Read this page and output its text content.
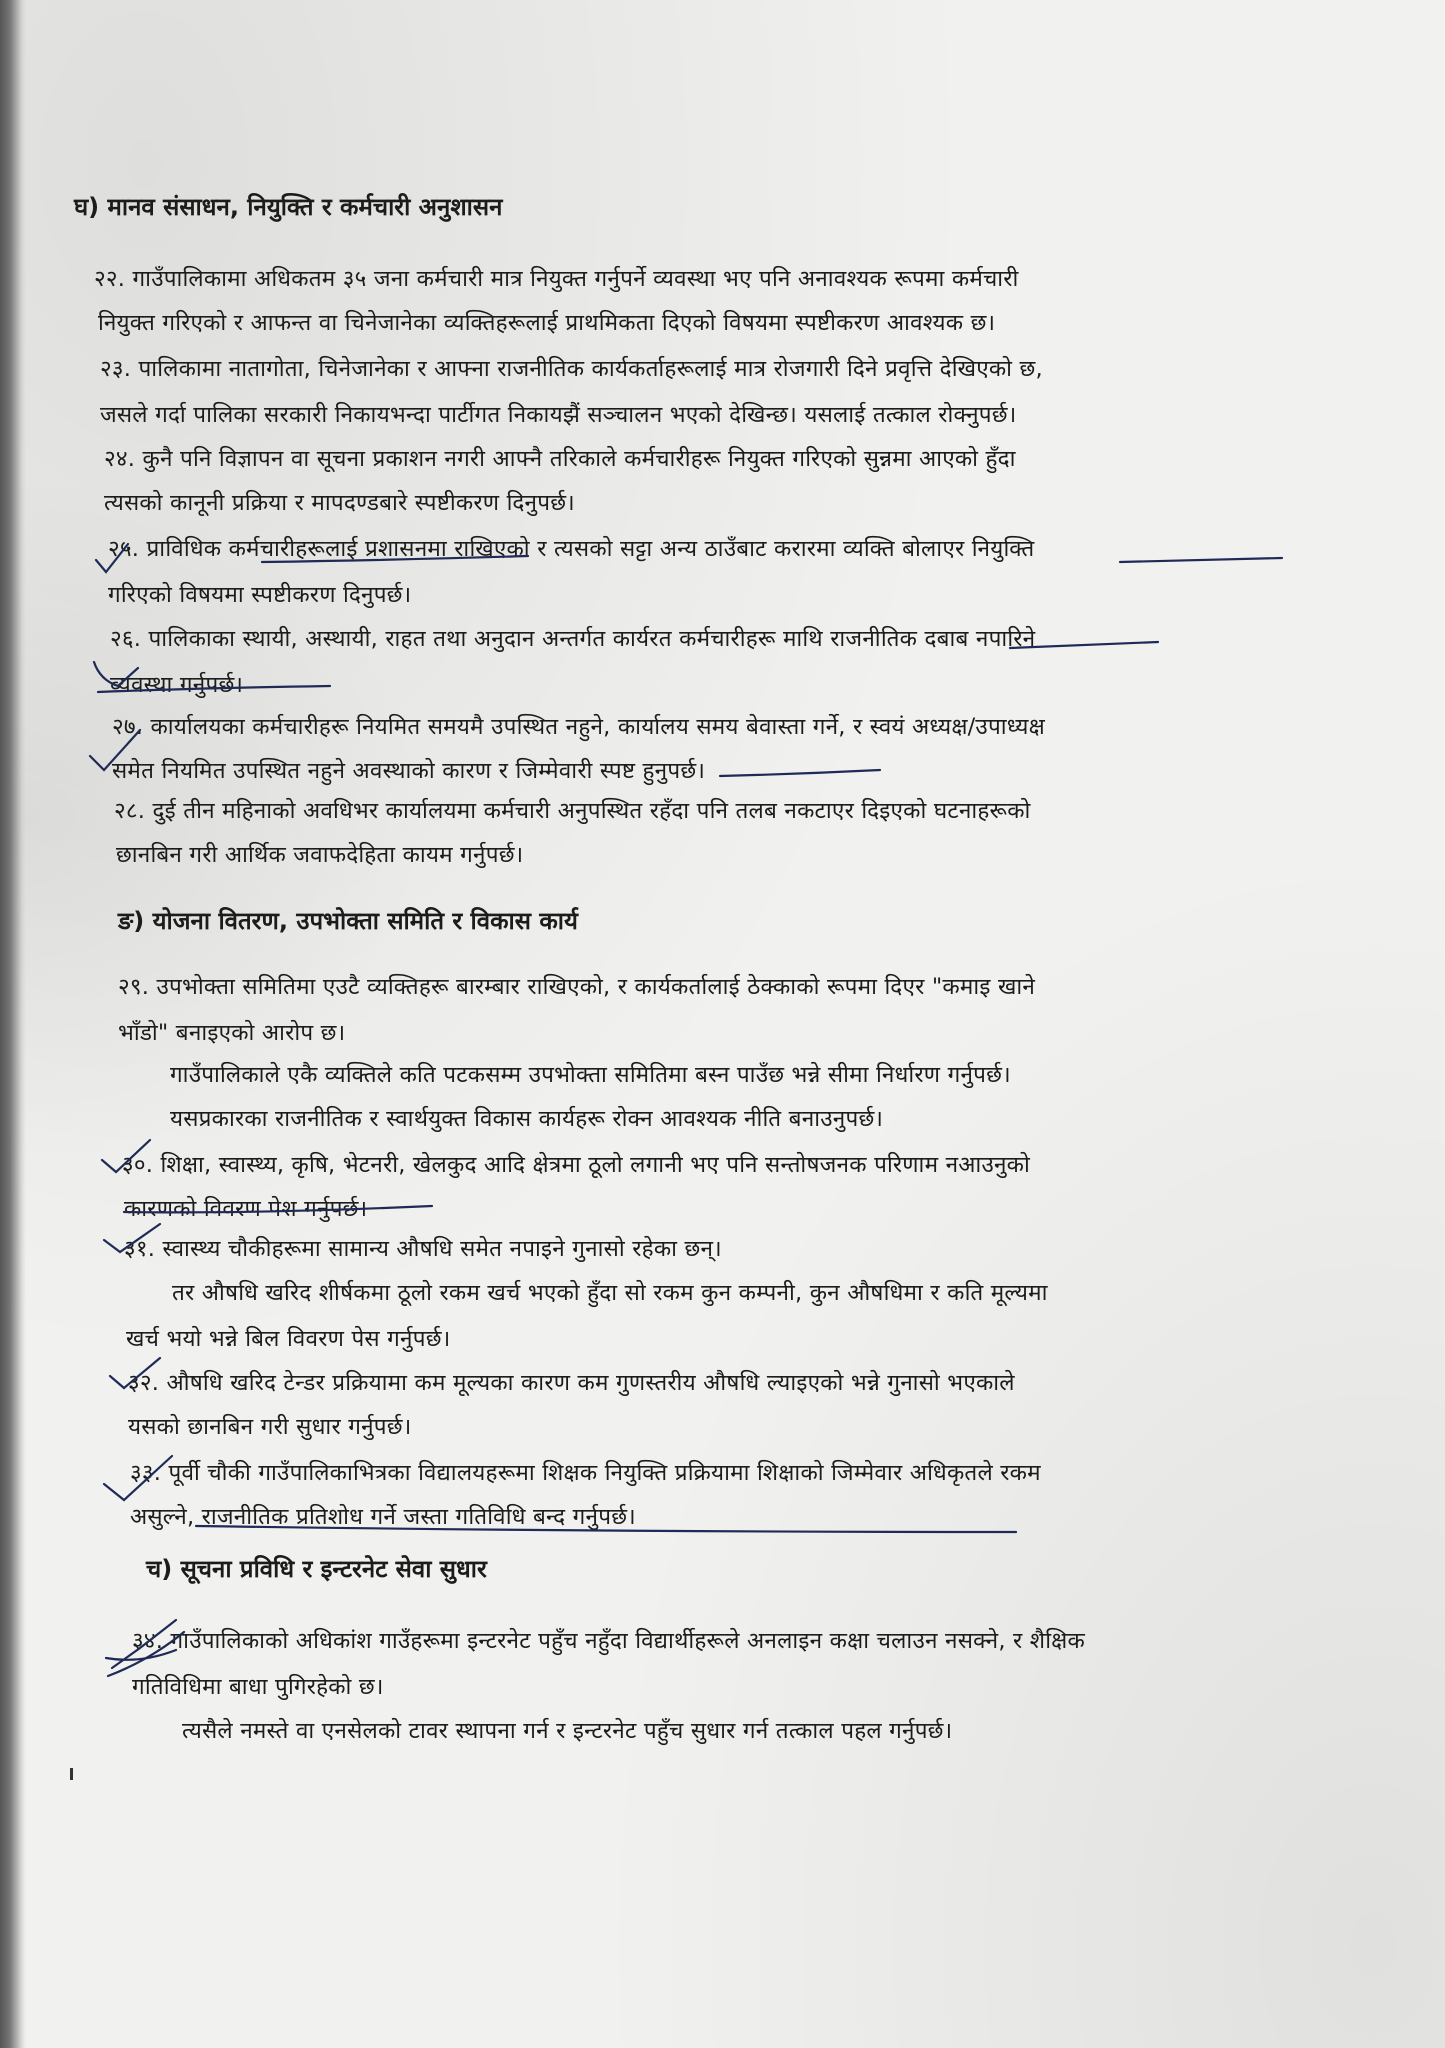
घ) मानव संसाधन, नियुक्ति र कर्मचारी अनुशासन
२२. गाउँपालिकामा अधिकतम ३५ जना कर्मचारी मात्र नियुक्त गर्नुपर्ने व्यवस्था भए पनि अनावश्यक रूपमा कर्मचारी
नियुक्त गरिएको र आफन्त वा चिनेजानेका व्यक्तिहरूलाई प्राथमिकता दिएको विषयमा स्पष्टीकरण आवश्यक छ।
२३. पालिकामा नातागोता, चिनेजानेका र आफ्ना राजनीतिक कार्यकर्ताहरूलाई मात्र रोजगारी दिने प्रवृत्ति देखिएको छ,
जसले गर्दा पालिका सरकारी निकायभन्दा पार्टीगत निकायझैं सञ्चालन भएको देखिन्छ। यसलाई तत्काल रोक्नुपर्छ।
२४. कुनै पनि विज्ञापन वा सूचना प्रकाशन नगरी आफ्नै तरिकाले कर्मचारीहरू नियुक्त गरिएको सुन्नमा आएको हुँदा
त्यसको कानूनी प्रक्रिया र मापदण्डबारे स्पष्टीकरण दिनुपर्छ।
२५. प्राविधिक कर्मचारीहरूलाई प्रशासनमा राखिएको र त्यसको सट्टा अन्य ठाउँबाट करारमा व्यक्ति बोलाएर नियुक्ति
गरिएको विषयमा स्पष्टीकरण दिनुपर्छ।
२६. पालिकाका स्थायी, अस्थायी, राहत तथा अनुदान अन्तर्गत कार्यरत कर्मचारीहरू माथि राजनीतिक दबाब नपारिने
व्यवस्था गर्नुपर्छ।
२७. कार्यालयका कर्मचारीहरू नियमित समयमै उपस्थित नहुने, कार्यालय समय बेवास्ता गर्ने, र स्वयं अध्यक्ष/उपाध्यक्ष
समेत नियमित उपस्थित नहुने अवस्थाको कारण र जिम्मेवारी स्पष्ट हुनुपर्छ।
२८. दुई तीन महिनाको अवधिभर कार्यालयमा कर्मचारी अनुपस्थित रहँदा पनि तलब नकटाएर दिइएको घटनाहरूको
छानबिन गरी आर्थिक जवाफदेहिता कायम गर्नुपर्छ।
ङ) योजना वितरण, उपभोक्ता समिति र विकास कार्य
२९. उपभोक्ता समितिमा एउटै व्यक्तिहरू बारम्बार राखिएको, र कार्यकर्तालाई ठेक्काको रूपमा दिएर "कमाइ खाने
भाँडो" बनाइएको आरोप छ।
गाउँपालिकाले एकै व्यक्तिले कति पटकसम्म उपभोक्ता समितिमा बस्न पाउँछ भन्ने सीमा निर्धारण गर्नुपर्छ।
यसप्रकारका राजनीतिक र स्वार्थयुक्त विकास कार्यहरू रोक्न आवश्यक नीति बनाउनुपर्छ।
३०. शिक्षा, स्वास्थ्य, कृषि, भेटनरी, खेलकुद आदि क्षेत्रमा ठूलो लगानी भए पनि सन्तोषजनक परिणाम नआउनुको
कारणको विवरण पेश गर्नुपर्छ।
३१. स्वास्थ्य चौकीहरूमा सामान्य औषधि समेत नपाइने गुनासो रहेका छन्।
तर औषधि खरिद शीर्षकमा ठूलो रकम खर्च भएको हुँदा सो रकम कुन कम्पनी, कुन औषधिमा र कति मूल्यमा
खर्च भयो भन्ने बिल विवरण पेस गर्नुपर्छ।
३२. औषधि खरिद टेन्डर प्रक्रियामा कम मूल्यका कारण कम गुणस्तरीय औषधि ल्याइएको भन्ने गुनासो भएकाले
यसको छानबिन गरी सुधार गर्नुपर्छ।
३३. पूर्वी चौकी गाउँपालिकाभित्रका विद्यालयहरूमा शिक्षक नियुक्ति प्रक्रियामा शिक्षाको जिम्मेवार अधिकृतले रकम
असुल्ने, राजनीतिक प्रतिशोध गर्ने जस्ता गतिविधि बन्द गर्नुपर्छ।
च) सूचना प्रविधि र इन्टरनेट सेवा सुधार
३४. गाउँपालिकाको अधिकांश गाउँहरूमा इन्टरनेट पहुँच नहुँदा विद्यार्थीहरूले अनलाइन कक्षा चलाउन नसक्ने, र शैक्षिक
गतिविधिमा बाधा पुगिरहेको छ।
त्यसैले नमस्ते वा एनसेलको टावर स्थापना गर्न र इन्टरनेट पहुँच सुधार गर्न तत्काल पहल गर्नुपर्छ।
